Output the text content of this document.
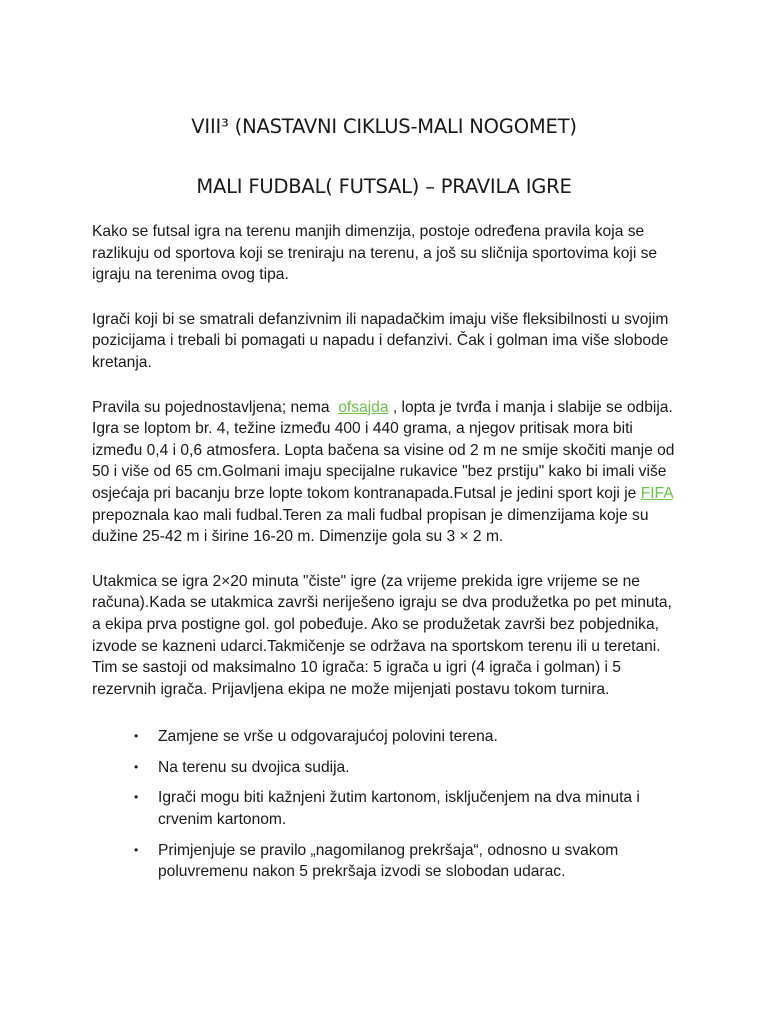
VIII³ (NASTAVNI CIKLUS-MALI NOGOMET)
MALI FUDBAL( FUTSAL) – PRAVILA IGRE

Kako se futsal igra na terenu manjih dimenzija, postoje određena pravila koja se razlikuju od sportova koji se treniraju na terenu, a još su sličnija sportovima koji se igraju na terenima ovog tipa.

Igrači koji bi se smatrali defanzivnim ili napadačkim imaju više fleksibilnosti u svojim pozicijama i trebali bi pomagati u napadu i defanzivi. Čak i golman ima više slobode kretanja.

Pravila su pojednostavljena; nema  ofsajda , lopta je tvrđa i manja i slabije se odbija. Igra se loptom br. 4, težine između 400 i 440 grama, a njegov pritisak mora biti između 0,4 i 0,6 atmosfera. Lopta bačena sa visine od 2 m ne smije skočiti manje od 50 i više od 65 cm.Golmani imaju specijalne rukavice "bez prstiju" kako bi imali više osjećaja pri bacanju brze lopte tokom kontranapada.Futsal je jedini sport koji je FIFA prepoznala kao mali fudbal.Teren za mali fudbal propisan je dimenzijama koje su dužine 25-42 m i širine 16-20 m. Dimenzije gola su 3 × 2 m.

Utakmica se igra 2×20 minuta "čiste" igre (za vrijeme prekida igre vrijeme se ne računa).Kada se utakmica završi neriješeno igraju se dva produžetka po pet minuta, a ekipa prva postigne gol. gol pobeđuje. Ako se produžetak završi bez pobjednika, izvode se kazneni udarci.Takmičenje se održava na sportskom terenu ili u teretani. Tim se sastoji od maksimalno 10 igrača: 5 igrača u igri (4 igrača i golman) i 5 rezervnih igrača. Prijavljena ekipa ne može mijenjati postavu tokom turnira.

• Zamjene se vrše u odgovarajućoj polovini terena.
• Na terenu su dvojica sudija.
• Igrači mogu biti kažnjeni žutim kartonom, isključenjem na dva minuta i crvenim kartonom.
• Primjenjuje se pravilo „nagomilanog prekršaja“, odnosno u svakom poluvremenu nakon 5 prekršaja izvodi se slobodan udarac.
